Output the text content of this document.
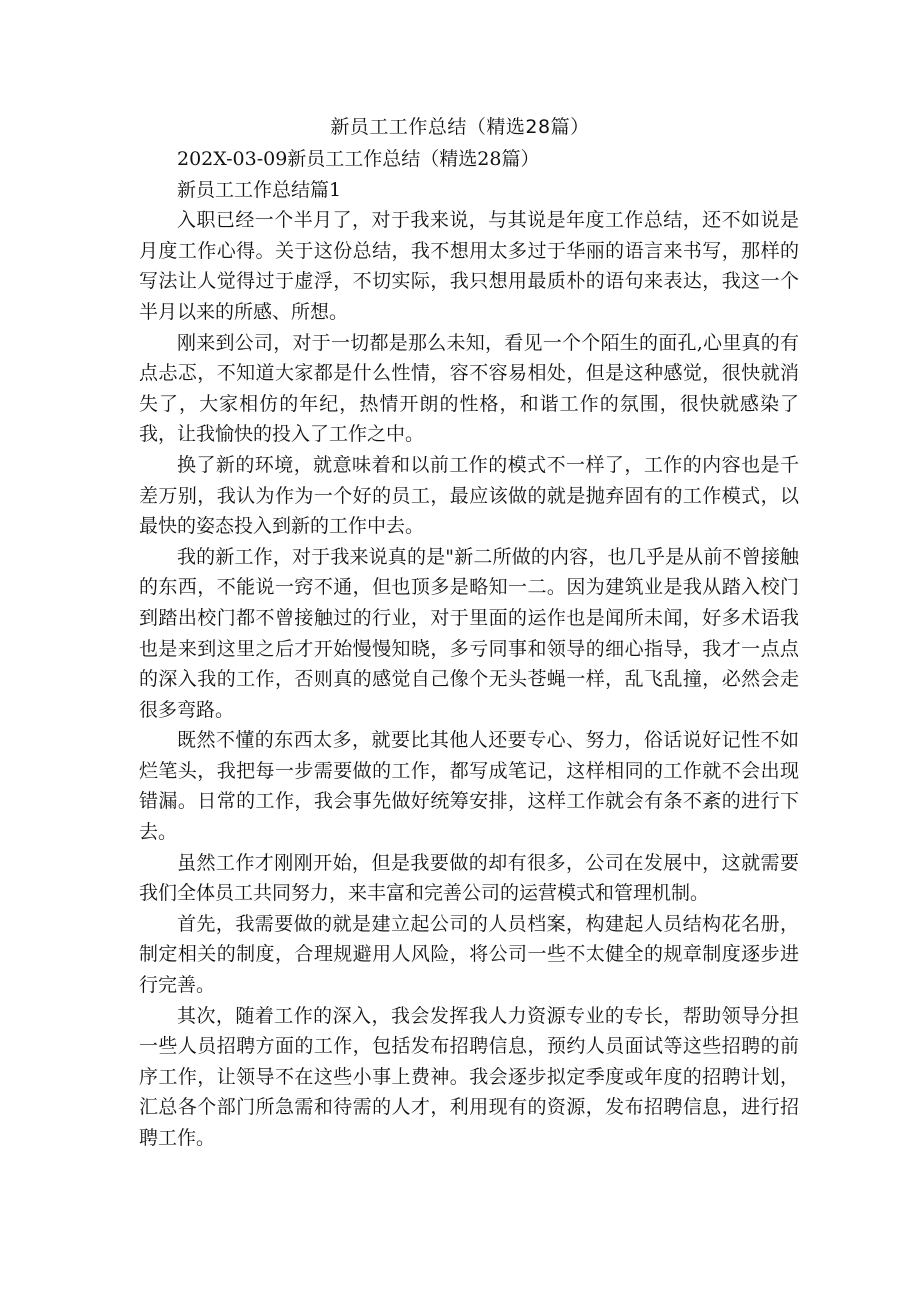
新员工工作总结（精选28篇）

202X-03-09新员工工作总结（精选28篇）

新员工工作总结篇1

入职已经一个半月了，对于我来说，与其说是年度工作总结，还不如说是月度工作心得。关于这份总结，我不想用太多过于华丽的语言来书写，那样的写法让人觉得过于虚浮，不切实际，我只想用最质朴的语句来表达，我这一个半月以来的所感、所想。

刚来到公司，对于一切都是那么未知，看见一个个陌生的面孔,心里真的有点忐忑，不知道大家都是什么性情，容不容易相处，但是这种感觉，很快就消失了，大家相仿的年纪，热情开朗的性格，和谐工作的氛围，很快就感染了我，让我愉快的投入了工作之中。

换了新的环境，就意味着和以前工作的模式不一样了，工作的内容也是千差万别，我认为作为一个好的员工，最应该做的就是抛弃固有的工作模式，以最快的姿态投入到新的工作中去。

我的新工作，对于我来说真的是"新二所做的内容，也几乎是从前不曾接触的东西，不能说一窍不通，但也顶多是略知一二。因为建筑业是我从踏入校门到踏出校门都不曾接触过的行业，对于里面的运作也是闻所未闻，好多术语我也是来到这里之后才开始慢慢知晓，多亏同事和领导的细心指导，我才一点点的深入我的工作，否则真的感觉自己像个无头苍蝇一样，乱飞乱撞，必然会走很多弯路。

既然不懂的东西太多，就要比其他人还要专心、努力，俗话说好记性不如烂笔头，我把每一步需要做的工作，都写成笔记，这样相同的工作就不会出现错漏。日常的工作，我会事先做好统筹安排，这样工作就会有条不紊的进行下去。

虽然工作才刚刚开始，但是我要做的却有很多，公司在发展中，这就需要我们全体员工共同努力，来丰富和完善公司的运营模式和管理机制。

首先，我需要做的就是建立起公司的人员档案，构建起人员结构花名册，制定相关的制度，合理规避用人风险，将公司一些不太健全的规章制度逐步进行完善。

其次，随着工作的深入，我会发挥我人力资源专业的专长，帮助领导分担一些人员招聘方面的工作，包括发布招聘信息，预约人员面试等这些招聘的前序工作，让领导不在这些小事上费神。我会逐步拟定季度或年度的招聘计划，汇总各个部门所急需和待需的人才，利用现有的资源，发布招聘信息，进行招聘工作。
